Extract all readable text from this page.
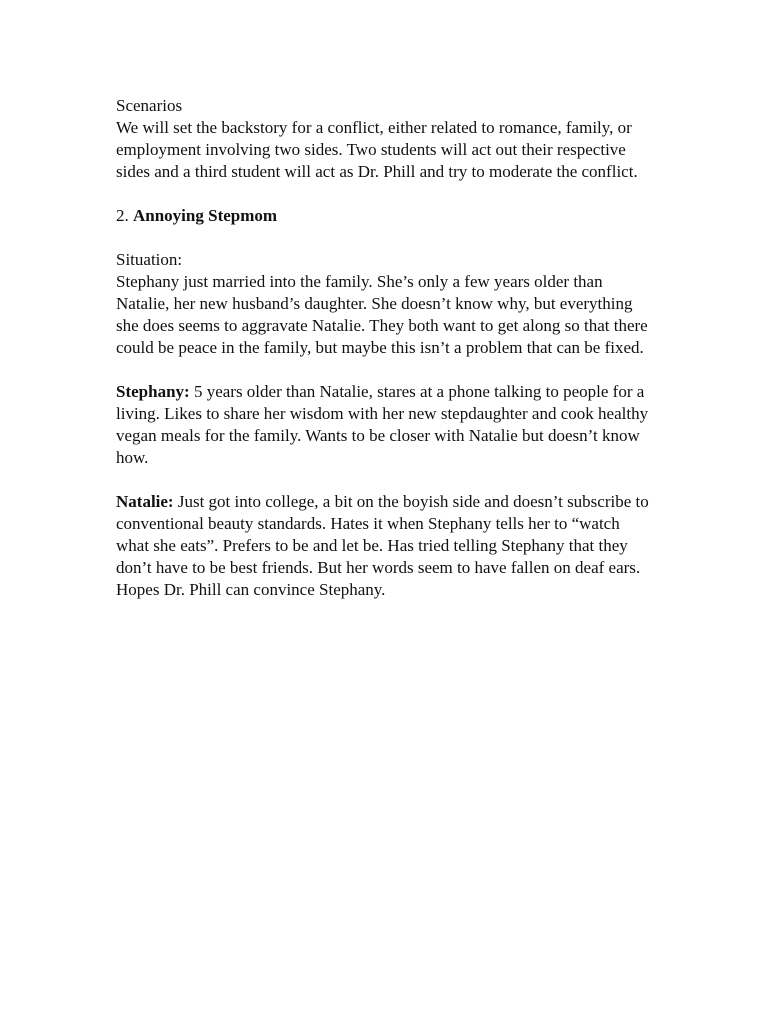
Scenarios

We will set the backstory for a conflict, either related to romance, family, or employment involving two sides. Two students will act out their respective sides and a third student will act as Dr. Phill and try to moderate the conflict.

2. Annoying Stepmom

Situation:

Stephany just married into the family. She’s only a few years older than Natalie, her new husband’s daughter. She doesn’t know why, but everything she does seems to aggravate Natalie. They both want to get along so that there could be peace in the family, but maybe this isn’t a problem that can be fixed.

Stephany: 5 years older than Natalie, stares at a phone talking to people for a living. Likes to share her wisdom with her new stepdaughter and cook healthy vegan meals for the family. Wants to be closer with Natalie but doesn’t know how.

Natalie: Just got into college, a bit on the boyish side and doesn’t subscribe to conventional beauty standards. Hates it when Stephany tells her to “watch what she eats”. Prefers to be and let be. Has tried telling Stephany that they don’t have to be best friends. But her words seem to have fallen on deaf ears. Hopes Dr. Phill can convince Stephany.
